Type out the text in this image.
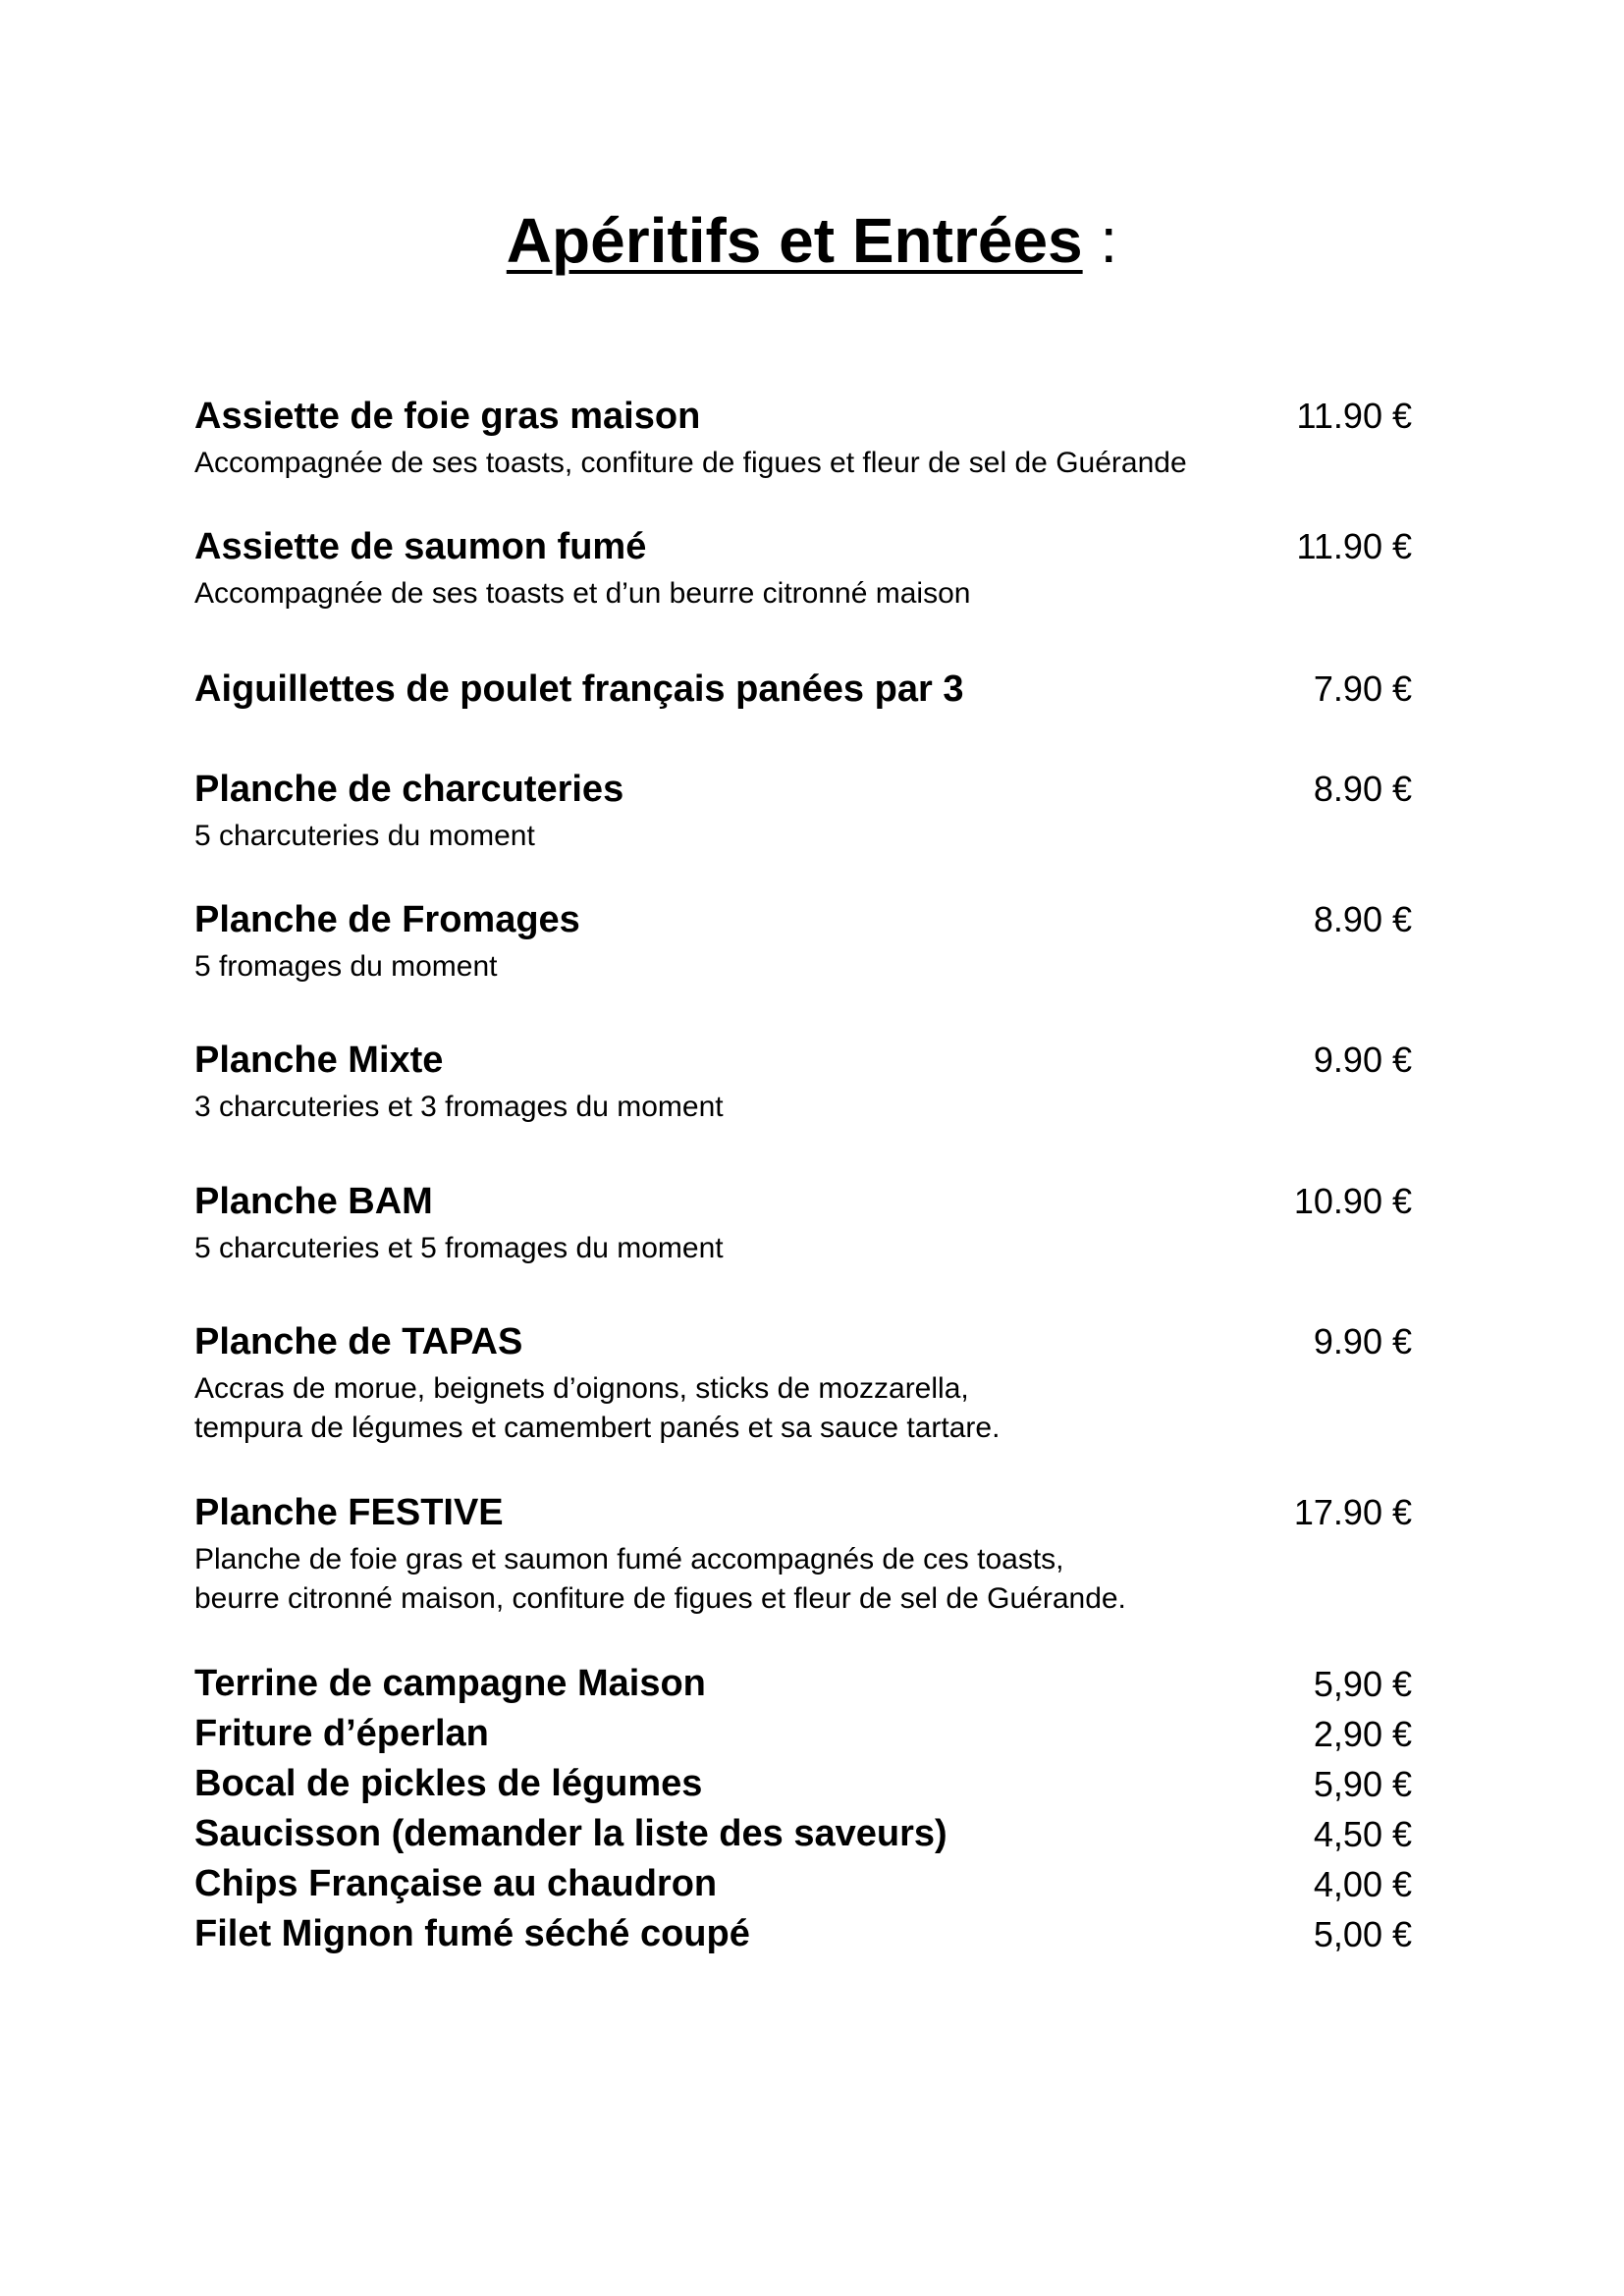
Apéritifs et Entrées :
Assiette de foie gras maison	11.90 €
Accompagnée de ses toasts, confiture de figues et fleur de sel de Guérande
Assiette de saumon fumé	11.90 €
Accompagnée de ses toasts et d’un beurre citronné maison
Aiguillettes de poulet français panées par 3	7.90 €
Planche de charcuteries	8.90 €
5 charcuteries du moment
Planche de Fromages	8.90 €
5 fromages du moment
Planche Mixte	9.90 €
3 charcuteries et 3 fromages du moment
Planche BAM	10.90 €
5 charcuteries et 5 fromages du moment
Planche de TAPAS	9.90 €
Accras de morue, beignets d’oignons, sticks de mozzarella,
tempura de légumes et camembert panés et sa sauce tartare.
Planche FESTIVE	17.90 €
Planche de foie gras et saumon fumé accompagnés de ces toasts,
beurre citronné maison, confiture de figues et fleur de sel de Guérande.
Terrine de campagne Maison	5,90 €
Friture d’éperlan	2,90 €
Bocal de pickles de légumes	5,90 €
Saucisson (demander la liste des saveurs)	4,50 €
Chips Française au chaudron	4,00 €
Filet Mignon fumé séché coupé	5,00 €
